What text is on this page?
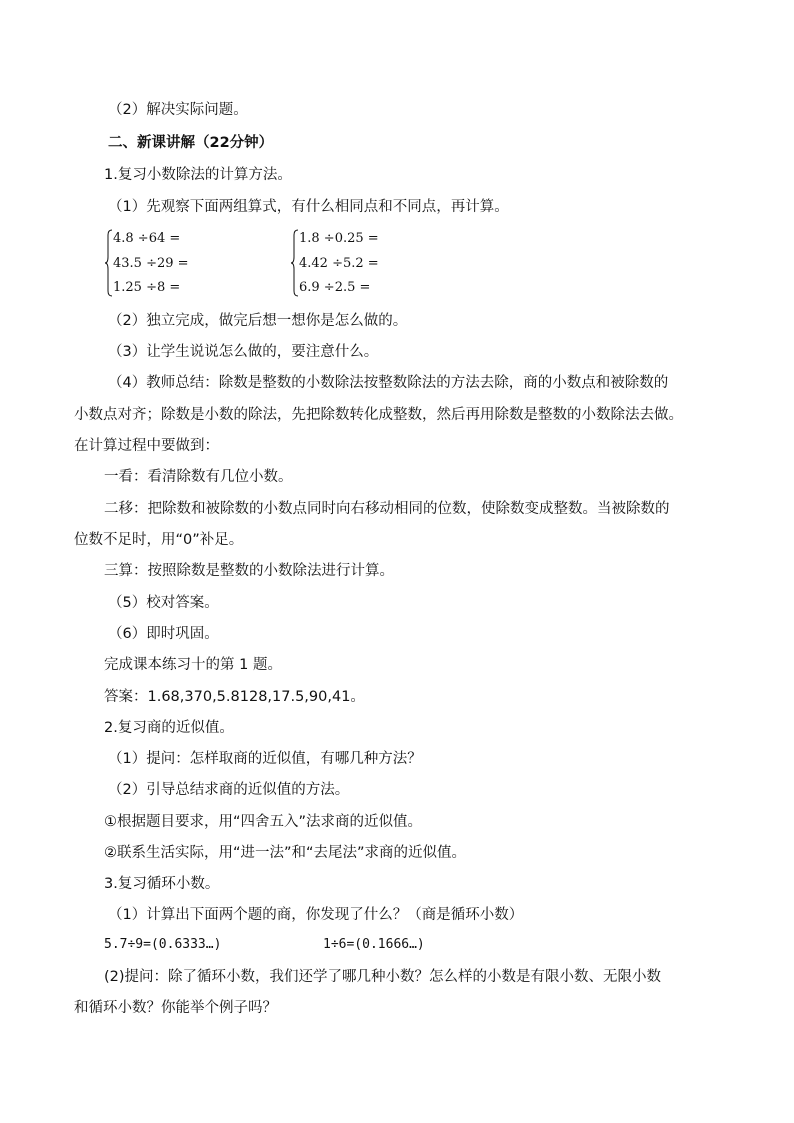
（2）解决实际问题。
二、新课讲解（22分钟）
1.复习小数除法的计算方法。
（1）先观察下面两组算式，有什么相同点和不同点，再计算。
4.8 ÷64 =
43.5 ÷29 =
1.25 ÷8 =
1.8 ÷0.25 =
4.42 ÷5.2 =
6.9 ÷2.5 =
（2）独立完成，做完后想一想你是怎么做的。
（3）让学生说说怎么做的，要注意什么。
（4）教师总结：除数是整数的小数除法按整数除法的方法去除，商的小数点和被除数的
小数点对齐；除数是小数的除法，先把除数转化成整数，然后再用除数是整数的小数除法去做。
在计算过程中要做到：
一看：看清除数有几位小数。
二移：把除数和被除数的小数点同时向右移动相同的位数，使除数变成整数。当被除数的
位数不足时，用“0”补足。
三算：按照除数是整数的小数除法进行计算。
（5）校对答案。
（6）即时巩固。
完成课本练习十的第 1 题。
答案：1.68,370,5.8128,17.5,90,41。
2.复习商的近似值。
（1）提问：怎样取商的近似值，有哪几种方法？
（2）引导总结求商的近似值的方法。
①根据题目要求，用“四舍五入”法求商的近似值。
②联系生活实际，用“进一法”和“去尾法”求商的近似值。
3.复习循环小数。
（1）计算出下面两个题的商，你发现了什么？（商是循环小数）
5.7÷9=(0.6333…)	1÷6=(0.1666…)
(2)提问：除了循环小数，我们还学了哪几种小数？怎么样的小数是有限小数、无限小数
和循环小数？你能举个例子吗？
